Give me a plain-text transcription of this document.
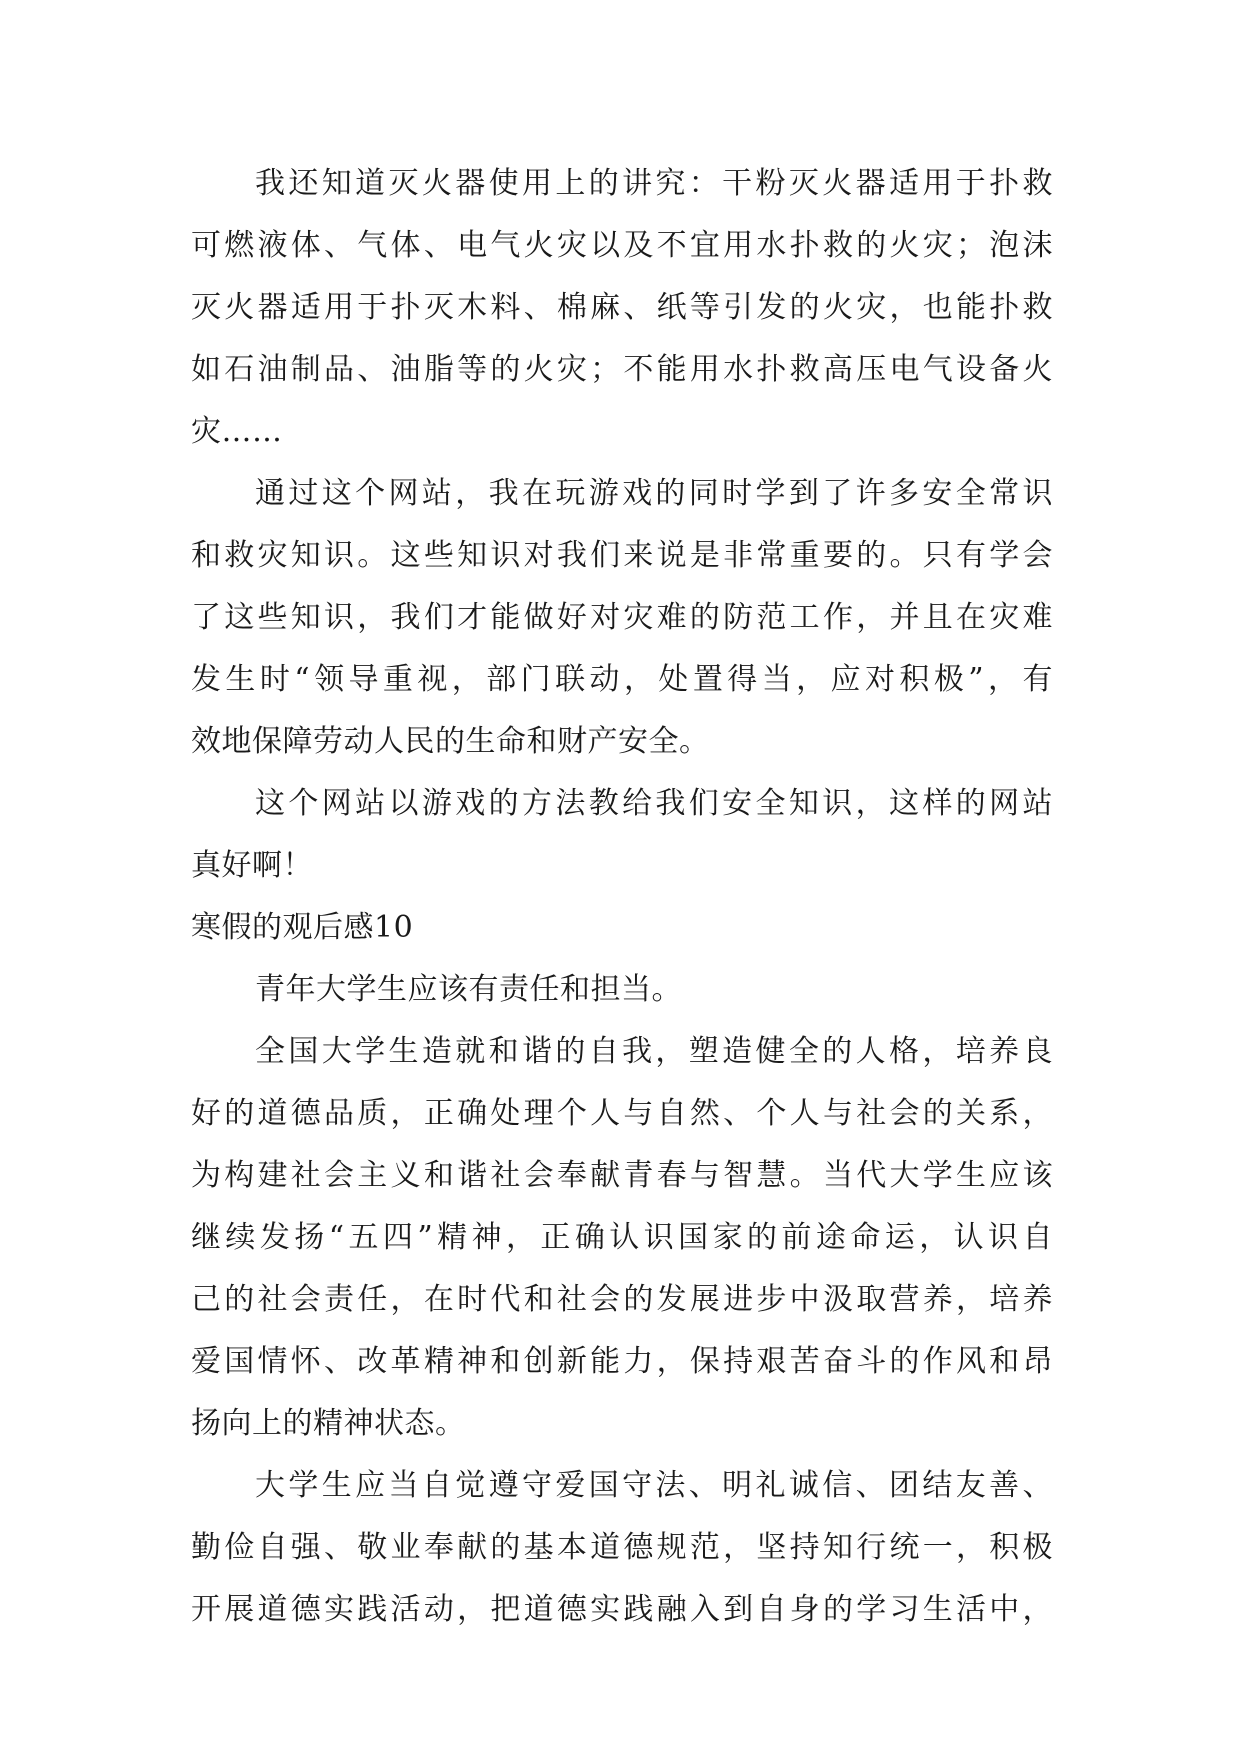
我还知道灭火器使用上的讲究：干粉灭火器适用于扑救
可燃液体、气体、电气火灾以及不宜用水扑救的火灾；泡沫
灭火器适用于扑灭木料、棉麻、纸等引发的火灾，也能扑救
如石油制品、油脂等的火灾；不能用水扑救高压电气设备火
灾……
通过这个网站，我在玩游戏的同时学到了许多安全常识
和救灾知识。这些知识对我们来说是非常重要的。只有学会
了这些知识，我们才能做好对灾难的防范工作，并且在灾难
发生时“领导重视，部门联动，处置得当，应对积极”，有
效地保障劳动人民的生命和财产安全。
这个网站以游戏的方法教给我们安全知识，这样的网站
真好啊！
寒假的观后感10
青年大学生应该有责任和担当。
全国大学生造就和谐的自我，塑造健全的人格，培养良
好的道德品质，正确处理个人与自然、个人与社会的关系，
为构建社会主义和谐社会奉献青春与智慧。当代大学生应该
继续发扬“五四”精神，正确认识国家的前途命运，认识自
己的社会责任，在时代和社会的发展进步中汲取营养，培养
爱国情怀、改革精神和创新能力，保持艰苦奋斗的作风和昂
扬向上的精神状态。
大学生应当自觉遵守爱国守法、明礼诚信、团结友善、
勤俭自强、敬业奉献的基本道德规范，坚持知行统一，积极
开展道德实践活动，把道德实践融入到自身的学习生活中，
